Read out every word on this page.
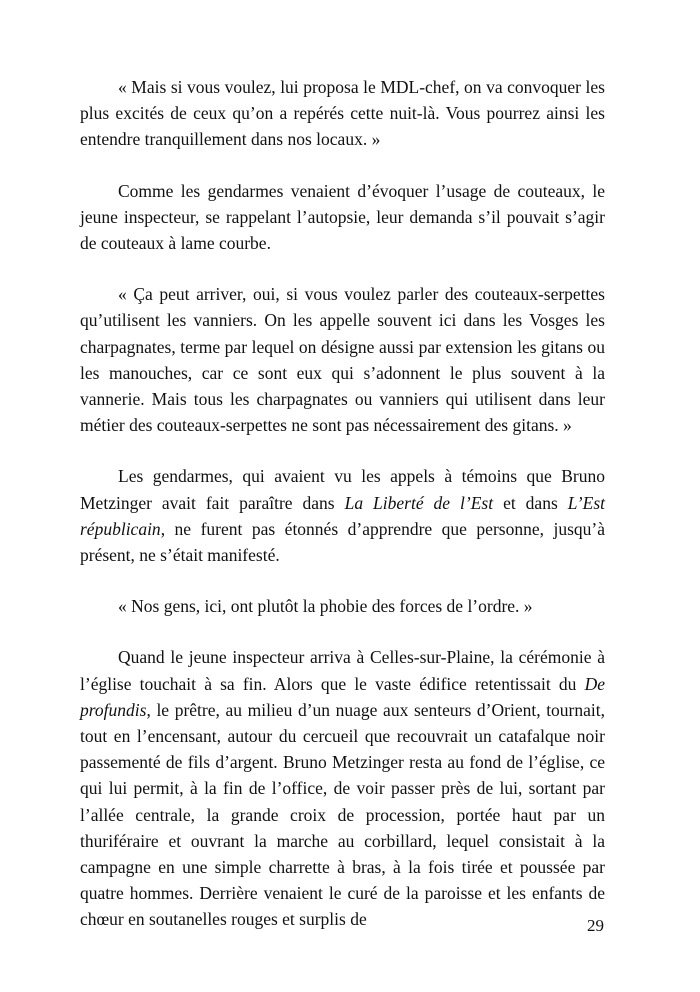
« Mais si vous voulez, lui proposa le MDL-chef, on va convoquer les plus excités de ceux qu’on a repérés cette nuit-là. Vous pourrez ainsi les entendre tranquillement dans nos locaux. »

Comme les gendarmes venaient d’évoquer l’usage de couteaux, le jeune inspecteur, se rappelant l’autopsie, leur demanda s’il pouvait s’agir de couteaux à lame courbe.

« Ça peut arriver, oui, si vous voulez parler des couteaux-serpettes qu’utilisent les vanniers. On les appelle souvent ici dans les Vosges les charpagnates, terme par lequel on désigne aussi par extension les gitans ou les manouches, car ce sont eux qui s’adonnent le plus souvent à la vannerie. Mais tous les charpagnates ou vanniers qui utilisent dans leur métier des couteaux-serpettes ne sont pas nécessairement des gitans. »

Les gendarmes, qui avaient vu les appels à témoins que Bruno Metzinger avait fait paraître dans La Liberté de l’Est et dans L’Est républicain, ne furent pas étonnés d’apprendre que personne, jusqu’à présent, ne s’était manifesté.

« Nos gens, ici, ont plutôt la phobie des forces de l’ordre. »

Quand le jeune inspecteur arriva à Celles-sur-Plaine, la cérémonie à l’église touchait à sa fin. Alors que le vaste édifice retentissait du De profundis, le prêtre, au milieu d’un nuage aux senteurs d’Orient, tournait, tout en l’encensant, autour du cercueil que recouvrait un catafalque noir passementé de fils d’argent. Bruno Metzinger resta au fond de l’église, ce qui lui permit, à la fin de l’office, de voir passer près de lui, sortant par l’allée centrale, la grande croix de procession, portée haut par un thuriféraire et ouvrant la marche au corbillard, lequel consistait à la campagne en une simple charrette à bras, à la fois tirée et poussée par quatre hommes. Derrière venaient le curé de la paroisse et les enfants de chœur en soutanelles rouges et surplis de	29
